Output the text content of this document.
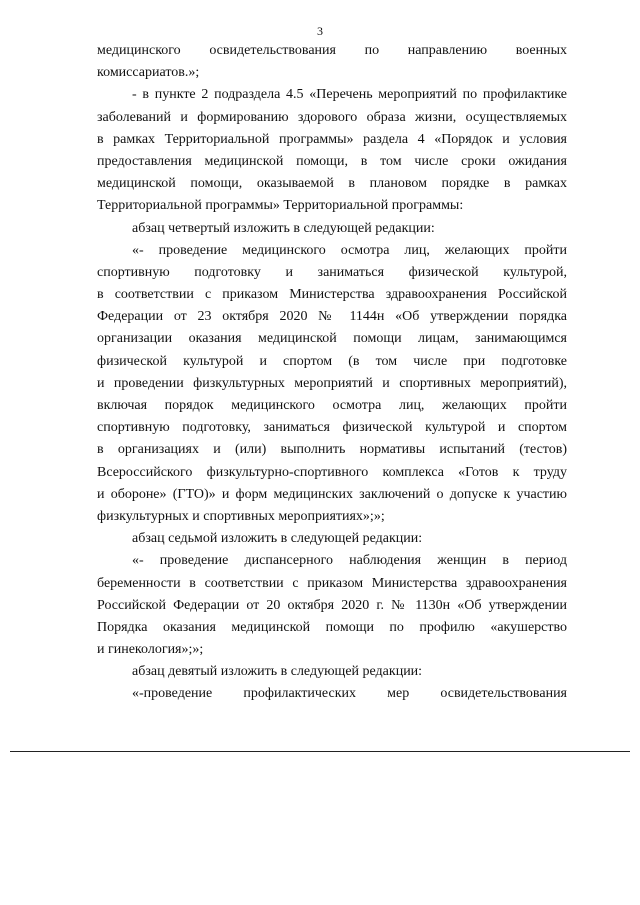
3
медицинского освидетельствования по направлению военных
комиссариатов.»;
- в пункте 2 подраздела 4.5 «Перечень мероприятий по профилактике
заболеваний и формированию здорового образа жизни, осуществляемых
в рамках Территориальной программы» раздела 4 «Порядок и условия
предоставления медицинской помощи, в том числе сроки ожидания
медицинской помощи, оказываемой в плановом порядке в рамках
Территориальной программы» Территориальной программы:
абзац четвертый изложить в следующей редакции:
«- проведение медицинского осмотра лиц, желающих пройти
спортивную подготовку и заниматься физической культурой,
в соответствии с приказом Министерства здравоохранения Российской
Федерации от 23 октября 2020 № 1144н «Об утверждении порядка
организации оказания медицинской помощи лицам, занимающимся
физической культурой и спортом (в том числе при подготовке
и проведении физкультурных мероприятий и спортивных мероприятий),
включая порядок медицинского осмотра лиц, желающих пройти
спортивную подготовку, заниматься физической культурой и спортом
в организациях и (или) выполнить нормативы испытаний (тестов)
Всероссийского физкультурно-спортивного комплекса «Готов к труду
и обороне» (ГТО)» и форм медицинских заключений о допуске к участию
физкультурных и спортивных мероприятиях»;»;
абзац седьмой изложить в следующей редакции:
«- проведение диспансерного наблюдения женщин в период
беременности в соответствии с приказом Министерства здравоохранения
Российской Федерации от 20 октября 2020 г. № 1130н «Об утверждении
Порядка оказания медицинской помощи по профилю «акушерство
и гинекология»;»;
абзац девятый изложить в следующей редакции:
«-проведение профилактических мер освидетельствования
